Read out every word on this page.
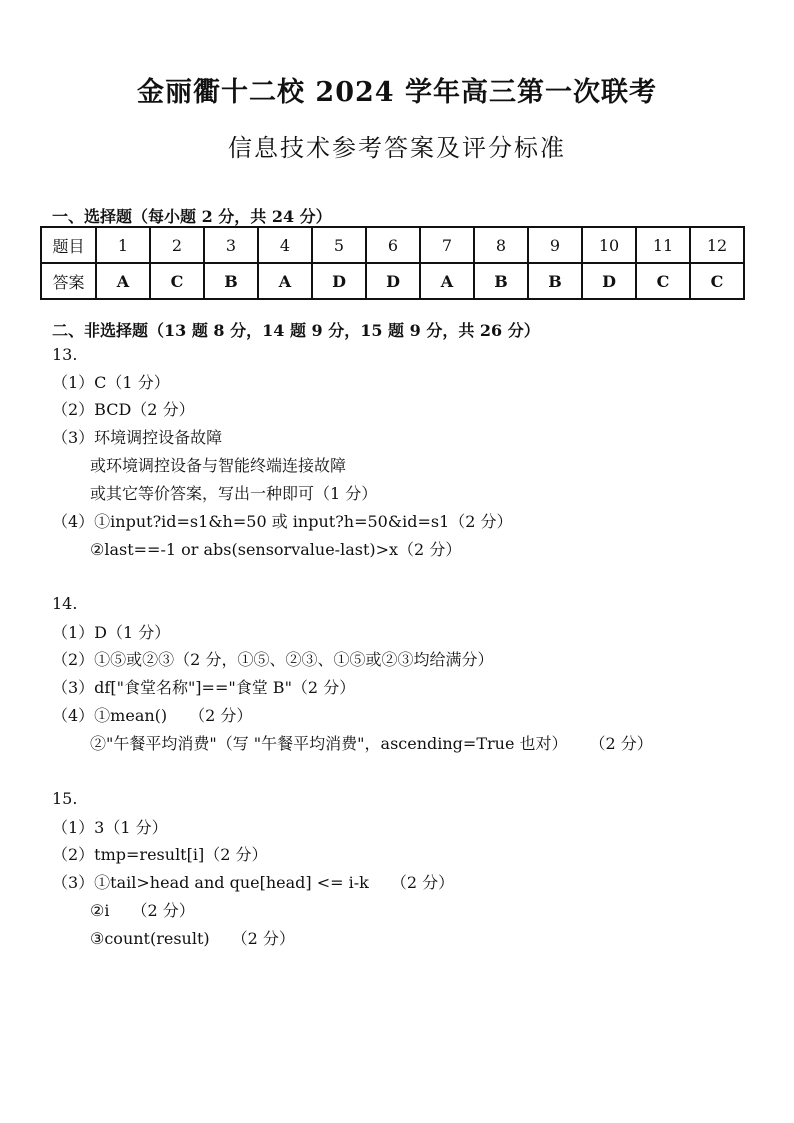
金丽衢十二校 2024 学年高三第一次联考
信息技术参考答案及评分标准
一、选择题（每小题 2 分，共 24 分）
题目	1	2	3	4	5	6	7	8	9	10	11	12
答案	A	C	B	A	D	D	A	B	B	D	C	C
二、非选择题（13 题 8 分，14 题 9 分，15 题 9 分，共 26 分）
13.
（1）C（1 分）
（2）BCD（2 分）
（3）环境调控设备故障
或环境调控设备与智能终端连接故障
或其它等价答案，写出一种即可（1 分）
（4）①input?id=s1&h=50 或 input?h=50&id=s1（2 分）
②last==-1 or abs(sensorvalue-last)>x（2 分）
14.
（1）D（1 分）
（2）①⑤或②③（2 分，①⑤、②③、①⑤或②③均给满分）
（3）df["食堂名称"]=="食堂 B"（2 分）
（4）①mean() （2 分）
②"午餐平均消费"（写 "午餐平均消费"，ascending=True 也对） （2 分）
15.
（1）3（1 分）
（2）tmp=result[i]（2 分）
（3）①tail>head and que[head] <= i-k （2 分）
②i （2 分）
③count(result) （2 分）
